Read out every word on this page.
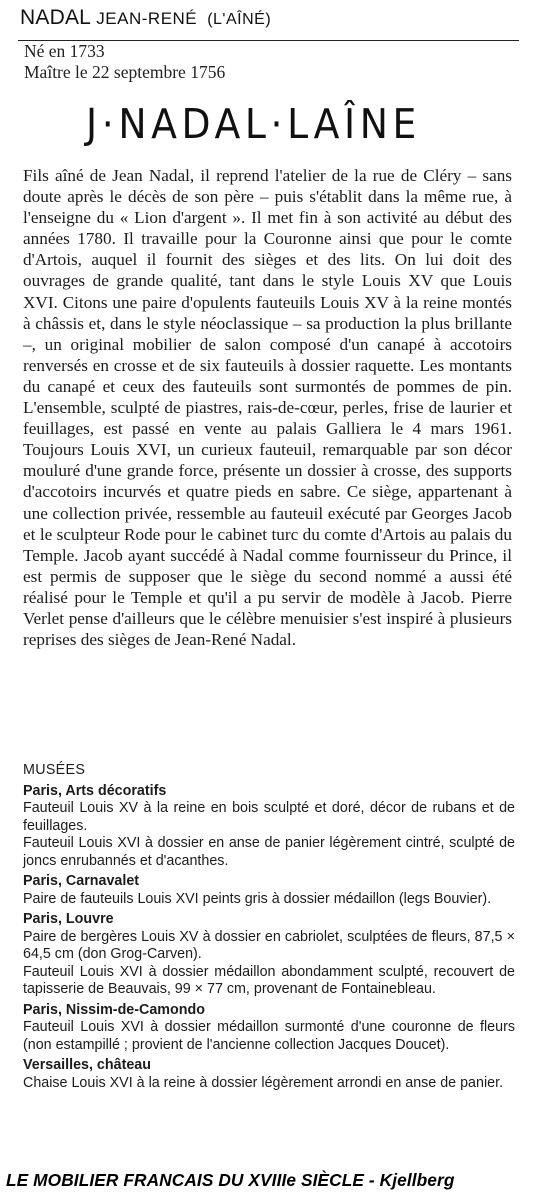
NADAL JEAN-RENÉ (L'AÎNÉ)
Né en 1733
Maître le 22 septembre 1756
J·NADAL·LAÎNE
Fils aîné de Jean Nadal, il reprend l'atelier de la rue de Cléry – sans doute après le décès de son père – puis s'établit dans la même rue, à l'enseigne du « Lion d'argent ». Il met fin à son activité au début des années 1780. Il travaille pour la Couronne ainsi que pour le comte d'Artois, auquel il fournit des sièges et des lits. On lui doit des ouvrages de grande qualité, tant dans le style Louis XV que Louis XVI. Citons une paire d'opulents fauteuils Louis XV à la reine montés à châssis et, dans le style néoclassique – sa production la plus brillante –, un original mobilier de salon composé d'un canapé à accotoirs renversés en crosse et de six fauteuils à dossier raquette. Les montants du canapé et ceux des fauteuils sont surmontés de pommes de pin. L'ensemble, sculpté de piastres, rais-de-cœur, perles, frise de laurier et feuillages, est passé en vente au palais Galliera le 4 mars 1961. Toujours Louis XVI, un curieux fauteuil, remarquable par son décor mouluré d'une grande force, présente un dossier à crosse, des supports d'accotoirs incurvés et quatre pieds en sabre. Ce siège, appartenant à une collection privée, ressemble au fauteuil exécuté par Georges Jacob et le sculpteur Rode pour le cabinet turc du comte d'Artois au palais du Temple. Jacob ayant succédé à Nadal comme fournisseur du Prince, il est permis de supposer que le siège du second nommé a aussi été réalisé pour le Temple et qu'il a pu servir de modèle à Jacob. Pierre Verlet pense d'ailleurs que le célèbre menuisier s'est inspiré à plusieurs reprises des sièges de Jean-René Nadal.
MUSÉES
Paris, Arts décoratifs

Fauteuil Louis XV à la reine en bois sculpté et doré, décor de rubans et de feuillages.

Fauteuil Louis XVI à dossier en anse de panier légèrement cintré, sculpté de joncs enrubannés et d'acanthes.

Paris, Carnavalet

Paire de fauteuils Louis XVI peints gris à dossier médaillon (legs Bouvier).

Paris, Louvre

Paire de bergères Louis XV à dossier en cabriolet, sculptées de fleurs, 87,5 × 64,5 cm (don Grog-Carven).

Fauteuil Louis XVI à dossier médaillon abondamment sculpté, recouvert de tapisserie de Beauvais, 99 × 77 cm, provenant de Fontainebleau.

Paris, Nissim-de-Camondo

Fauteuil Louis XVI à dossier médaillon surmonté d'une couronne de fleurs (non estampillé ; provient de l'ancienne collection Jacques Doucet).

Versailles, château

Chaise Louis XVI à la reine à dossier légèrement arrondi en anse de panier.

LE MOBILIER FRANCAIS DU XVIIIe SIÈCLE - Kjellberg
